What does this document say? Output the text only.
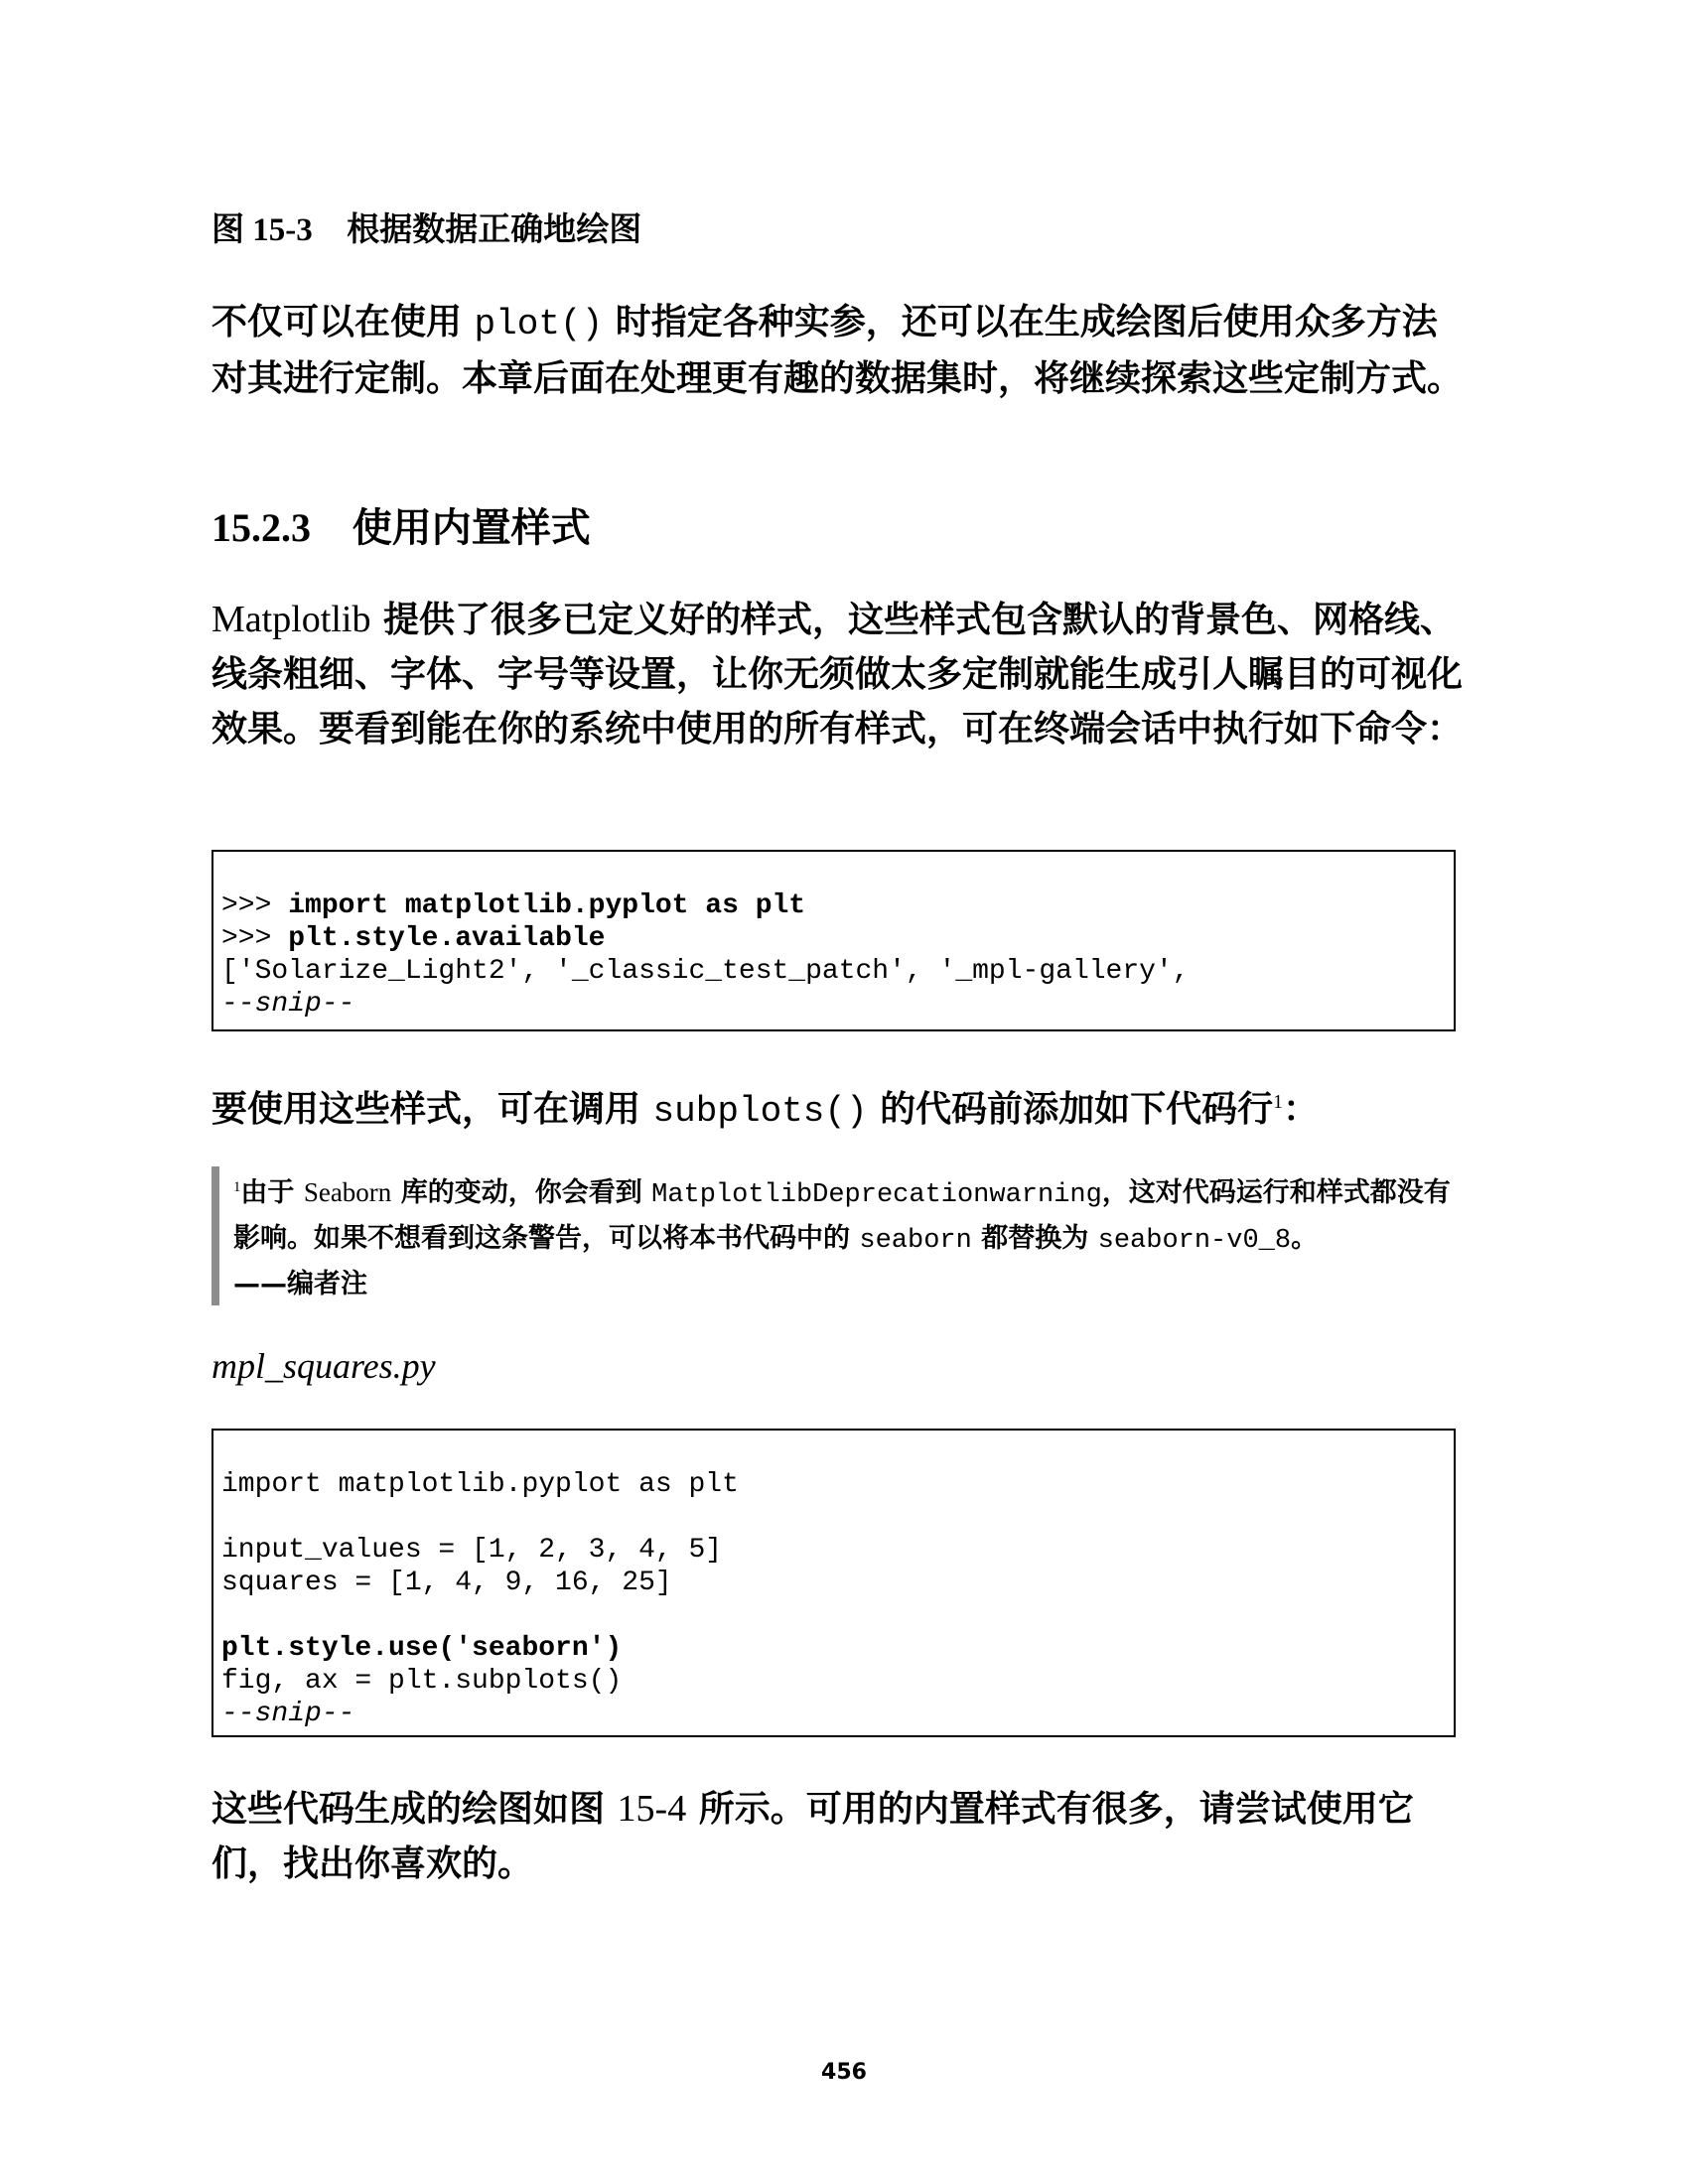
图 15-3 根据数据正确地绘图
不仅可以在使用 plot() 时指定各种实参，还可以在生成绘图后使用众多方法对其进行定制。本章后面在处理更有趣的数据集时，将继续探索这些定制方式。
15.2.3 使用内置样式
Matplotlib 提供了很多已定义好的样式，这些样式包含默认的背景色、网格线、线条粗细、字体、字号等设置，让你无须做太多定制就能生成引人瞩目的可视化效果。要看到能在你的系统中使用的所有样式，可在终端会话中执行如下命令：
>>> import matplotlib.pyplot as plt
>>> plt.style.available
['Solarize_Light2', '_classic_test_patch', '_mpl-gallery',
--snip--
要使用这些样式，可在调用 subplots() 的代码前添加如下代码行$^1$：
$^1$由于 Seaborn 库的变动，你会看到 MatplotlibDeprecationwarning，这对代码运行和样式都没有影响。如果不想看到这条警告，可以将本书代码中的 seaborn 都替换为 seaborn-v0_8。
——编者注
mpl_squares.py
import matplotlib.pyplot as plt

input_values = [1, 2, 3, 4, 5]
squares = [1, 4, 9, 16, 25]

plt.style.use('seaborn')
fig, ax = plt.subplots()
--snip--
这些代码生成的绘图如图 15-4 所示。可用的内置样式有很多，请尝试使用它们，找出你喜欢的。
456
